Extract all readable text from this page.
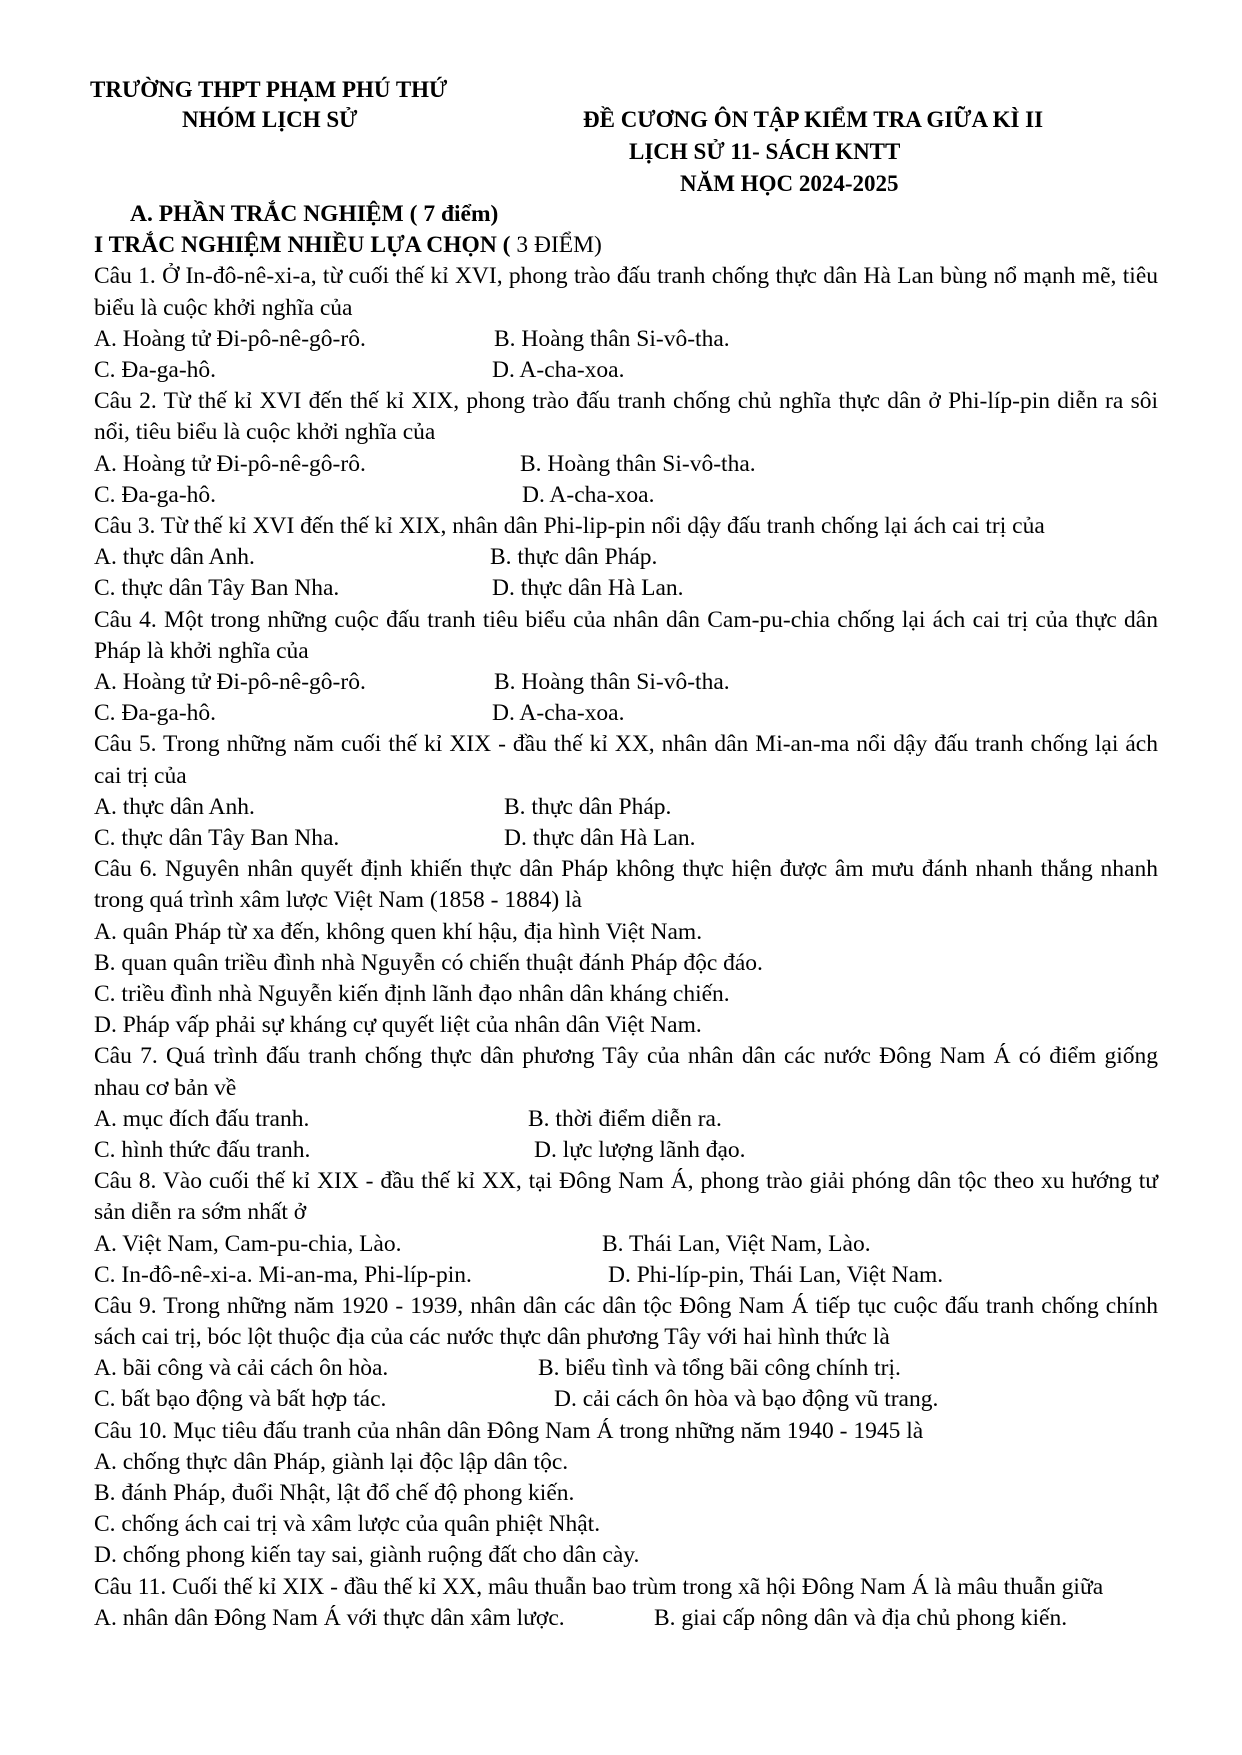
TRƯỜNG THPT PHẠM PHÚ THỨ
NHÓM LỊCH SỬ	ĐỀ CƯƠNG ÔN TẬP KIỂM TRA GIỮA KÌ II
LỊCH SỬ 11- SÁCH KNTT
NĂM HỌC 2024-2025
A. PHẦN TRẮC NGHIỆM ( 7 điểm)
I TRẮC NGHIỆM NHIỀU LỰA CHỌN ( 3 ĐIỂM)
Câu 1. Ở In-đô-nê-xi-a, từ cuối thế kỉ XVI, phong trào đấu tranh chống thực dân Hà Lan bùng nổ mạnh mẽ, tiêu biểu là cuộc khởi nghĩa của
A. Hoàng tử Đi-pô-nê-gô-rô.	B. Hoàng thân Si-vô-tha.
C. Đa-ga-hô.	D. A-cha-xoa.
Câu 2. Từ thế kỉ XVI đến thế kỉ XIX, phong trào đấu tranh chống chủ nghĩa thực dân ở Phi-líp-pin diễn ra sôi nổi, tiêu biểu là cuộc khởi nghĩa của
A. Hoàng tử Đi-pô-nê-gô-rô.	B. Hoàng thân Si-vô-tha.
C. Đa-ga-hô.	D. A-cha-xoa.
Câu 3. Từ thế kỉ XVI đến thế kỉ XIX, nhân dân Phi-lip-pin nổi dậy đấu tranh chống lại ách cai trị của
A. thực dân Anh.	B. thực dân Pháp.
C. thực dân Tây Ban Nha.	D. thực dân Hà Lan.
Câu 4. Một trong những cuộc đấu tranh tiêu biểu của nhân dân Cam-pu-chia chống lại ách cai trị của thực dân Pháp là khởi nghĩa của
A. Hoàng tử Đi-pô-nê-gô-rô.	B. Hoàng thân Si-vô-tha.
C. Đa-ga-hô.	D. A-cha-xoa.
Câu 5. Trong những năm cuối thế kỉ XIX - đầu thế kỉ XX, nhân dân Mi-an-ma nổi dậy đấu tranh chống lại ách cai trị của
A. thực dân Anh.	B. thực dân Pháp.
C. thực dân Tây Ban Nha.	D. thực dân Hà Lan.
Câu 6. Nguyên nhân quyết định khiến thực dân Pháp không thực hiện được âm mưu đánh nhanh thắng nhanh trong quá trình xâm lược Việt Nam (1858 - 1884) là
A. quân Pháp từ xa đến, không quen khí hậu, địa hình Việt Nam.
B. quan quân triều đình nhà Nguyễn có chiến thuật đánh Pháp độc đáo.
C. triều đình nhà Nguyễn kiến định lãnh đạo nhân dân kháng chiến.
D. Pháp vấp phải sự kháng cự quyết liệt của nhân dân Việt Nam.
Câu 7. Quá trình đấu tranh chống thực dân phương Tây của nhân dân các nước Đông Nam Á có điểm giống nhau cơ bản về
A. mục đích đấu tranh.	B. thời điểm diễn ra.
C. hình thức đấu tranh.	D. lực lượng lãnh đạo.
Câu 8. Vào cuối thế kỉ XIX - đầu thế kỉ XX, tại Đông Nam Á, phong trào giải phóng dân tộc theo xu hướng tư sản diễn ra sớm nhất ở
A. Việt Nam, Cam-pu-chia, Lào.	B. Thái Lan, Việt Nam, Lào.
C. In-đô-nê-xi-a. Mi-an-ma, Phi-líp-pin.	D. Phi-líp-pin, Thái Lan, Việt Nam.
Câu 9. Trong những năm 1920 - 1939, nhân dân các dân tộc Đông Nam Á tiếp tục cuộc đấu tranh chống chính sách cai trị, bóc lột thuộc địa của các nước thực dân phương Tây với hai hình thức là
A. bãi công và cải cách ôn hòa.	B. biểu tình và tổng bãi công chính trị.
C. bất bạo động và bất hợp tác.	D. cải cách ôn hòa và bạo động vũ trang.
Câu 10. Mục tiêu đấu tranh của nhân dân Đông Nam Á trong những năm 1940 - 1945 là
A. chống thực dân Pháp, giành lại độc lập dân tộc.
B. đánh Pháp, đuổi Nhật, lật đổ chế độ phong kiến.
C. chống ách cai trị và xâm lược của quân phiệt Nhật.
D. chống phong kiến tay sai, giành ruộng đất cho dân cày.
Câu 11. Cuối thế kỉ XIX - đầu thế kỉ XX, mâu thuẫn bao trùm trong xã hội Đông Nam Á là mâu thuẫn giữa
A. nhân dân Đông Nam Á với thực dân xâm lược.	B. giai cấp nông dân và địa chủ phong kiến.
